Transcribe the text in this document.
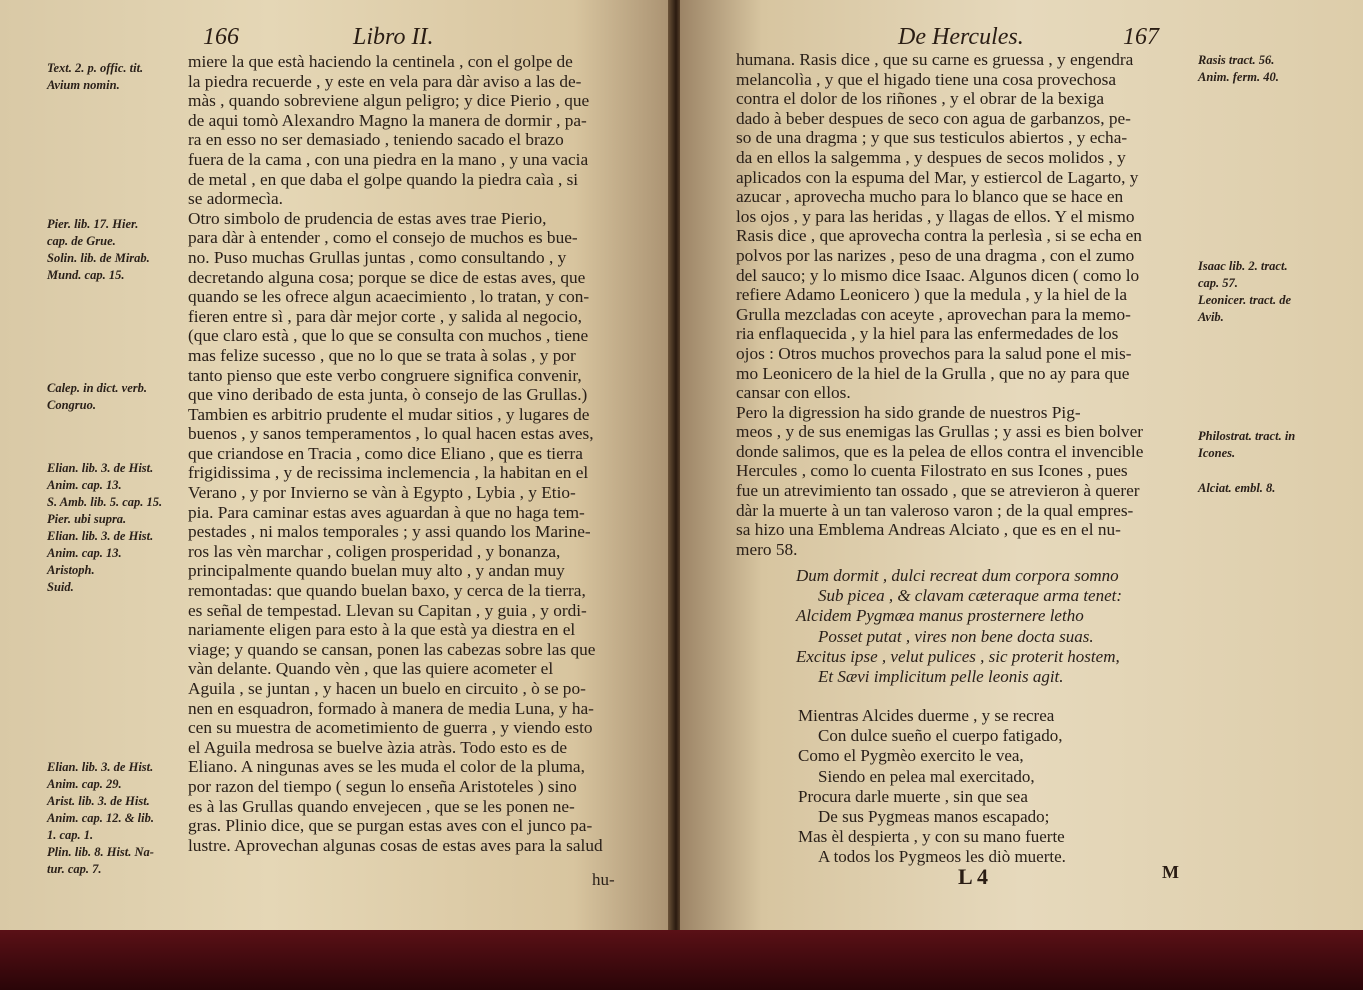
166	Libro II.
Text. 2. p. offic. tit.
Avium nomin.
Pier. lib. 17. Hier.
cap. de Grue.
Solin. lib. de Mirab.
Mund. cap. 15.
Calep. in dict. verb.
Congruo.
Elian. lib. 3. de Hist.
Anim. cap. 13.
S. Amb. lib. 5. cap. 15.
Pier. ubi supra.
Elian. lib. 3. de Hist.
Anim. cap. 13.
Aristoph.
Suid.
Elian. lib. 3. de Hist.
Anim. cap. 29.
Arist. lib. 3. de Hist.
Anim. cap. 12. & lib.
1. cap. 1.
Plin. lib. 8. Hist. Na-
tur. cap. 7.
miere la que està haciendo la centinela , con el golpe de
la piedra recuerde , y este en vela para dàr aviso a las de-
màs , quando sobreviene algun peligro; y dice Pierio , que
de aqui tomò Alexandro Magno la manera de dormir , pa-
ra en esso no ser demasiado , teniendo sacado el brazo
fuera de la cama , con una piedra en la mano , y una vacia
de metal , en que daba el golpe quando la piedra caìa , si
se adormecìa.
Otro simbolo de prudencia de estas aves trae Pierio,
para dàr à entender , como el consejo de muchos es bue-
no. Puso muchas Grullas juntas , como consultando , y
decretando alguna cosa; porque se dice de estas aves, que
quando se les ofrece algun acaecimiento , lo tratan, y con-
fieren entre sì , para dàr mejor corte , y salida al negocio,
(que claro està , que lo que se consulta con muchos , tiene
mas felize sucesso , que no lo que se trata à solas , y por
tanto pienso que este verbo congruere significa convenir,
que vino deribado de esta junta, ò consejo de las Grullas.)
Tambien es arbitrio prudente el mudar sitios , y lugares de
buenos , y sanos temperamentos , lo qual hacen estas aves,
que criandose en Tracia , como dice Eliano , que es tierra
frigidissima , y de recissima inclemencia , la habitan en el
Verano , y por Invierno se vàn à Egypto , Lybia , y Etio-
pia. Para caminar estas aves aguardan à que no haga tem-
pestades , ni malos temporales ; y assi quando los Marine-
ros las vèn marchar , coligen prosperidad , y bonanza,
principalmente quando buelan muy alto , y andan muy
remontadas: que quando buelan baxo, y cerca de la tierra,
es señal de tempestad. Llevan su Capitan , y guia , y ordi-
nariamente eligen para esto à la que està ya diestra en el
viage; y quando se cansan, ponen las cabezas sobre las que
vàn delante. Quando vèn , que las quiere acometer el
Aguila , se juntan , y hacen un buelo en circuito , ò se po-
nen en esquadron, formado à manera de media Luna, y ha-
cen su muestra de acometimiento de guerra , y viendo esto
el Aguila medrosa se buelve àzia atràs. Todo esto es de
Eliano. A ningunas aves se les muda el color de la pluma,
por razon del tiempo ( segun lo enseña Aristoteles ) sino
es à las Grullas quando envejecen , que se les ponen ne-
gras. Plinio dice, que se purgan estas aves con el junco pa-
lustre. Aprovechan algunas cosas de estas aves para la salud
hu-
De Hercules.	167
humana. Rasis dice , que su carne es gruessa , y engendra
melancolìa , y que el higado tiene una cosa provechosa
contra el dolor de los riñones , y el obrar de la bexiga
dado à beber despues de seco con agua de garbanzos, pe-
so de una dragma ; y que sus testiculos abiertos , y echa-
da en ellos la salgemma , y despues de secos molidos , y
aplicados con la espuma del Mar, y estiercol de Lagarto, y
azucar , aprovecha mucho para lo blanco que se hace en
los ojos , y para las heridas , y llagas de ellos. Y el mismo
Rasis dice , que aprovecha contra la perlesìa , si se echa en
polvos por las narizes , peso de una dragma , con el zumo
del sauco; y lo mismo dice Isaac. Algunos dicen ( como lo
refiere Adamo Leonicero ) que la medula , y la hiel de la
Grulla mezcladas con aceyte , aprovechan para la memo-
ria enflaquecida , y la hiel para las enfermedades de los
ojos : Otros muchos provechos para la salud pone el mis-
mo Leonicero de la hiel de la Grulla , que no ay para que
cansar con ellos.
Pero la digression ha sido grande de nuestros Pig-
meos , y de sus enemigas las Grullas ; y assi es bien bolver
donde salimos, que es la pelea de ellos contra el invencible
Hercules , como lo cuenta Filostrato en sus Icones , pues
fue un atrevimiento tan ossado , que se atrevieron à querer
dàr la muerte à un tan valeroso varon ; de la qual empres-
sa hizo una Emblema Andreas Alciato , que es en el nu-
mero 58.
Rasis tract. 56.
Anim. ferm. 40.
Isaac lib. 2. tract.
cap. 57.
Leonicer. tract. de
Avib.
Philostrat. tract. in
Icones.
Alciat. embl. 8.
Dum dormit , dulci recreat dum corpora somno
Sub picea , & clavam cæteraque arma tenet:
Alcidem Pygmæa manus prosternere letho
Posset putat , vires non bene docta suas.
Excitus ipse , velut pulices , sic proterit hostem,
Et Sævi implicitum pelle leonis agit.
Mientras Alcides duerme , y se recrea
Con dulce sueño el cuerpo fatigado,
Como el Pygmèo exercito le vea,
Siendo en pelea mal exercitado,
Procura darle muerte , sin que sea
De sus Pygmeas manos escapado;
Mas èl despierta , y con su mano fuerte
A todos los Pygmeos les diò muerte.
L 4	M
